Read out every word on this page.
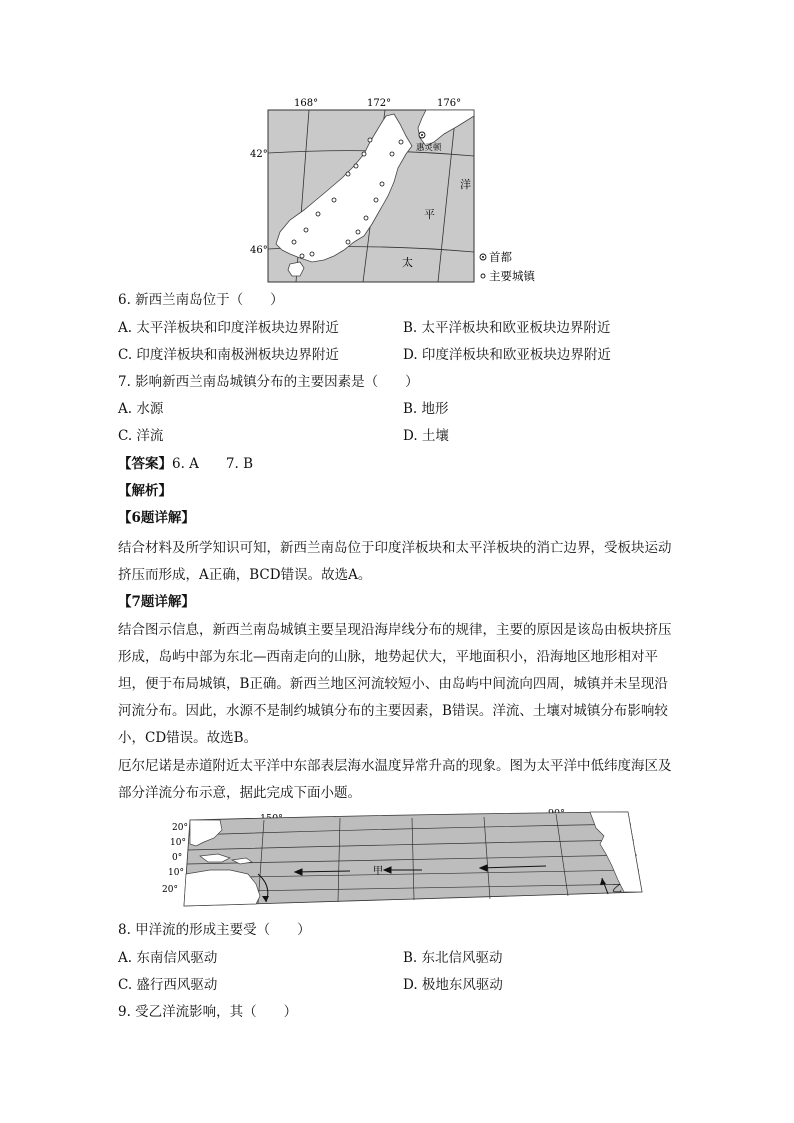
168°	172°	176°
42°
46°
惠灵顿
洋
平
太	首都
主要城镇
6. 新西兰南岛位于（　　）
A. 太平洋板块和印度洋板块边界附近	B. 太平洋板块和欧亚板块边界附近
C. 印度洋板块和南极洲板块边界附近	D. 印度洋板块和欧亚板块边界附近
7. 影响新西兰南岛城镇分布的主要因素是（　　）
A. 水源	B. 地形
C. 洋流	D. 土壤
【答案】6. A　　7. B
【解析】
【6题详解】
结合材料及所学知识可知，新西兰南岛位于印度洋板块和太平洋板块的消亡边界，受板块运动挤压而形成，A正确，BCD错误。故选A。
【7题详解】
结合图示信息，新西兰南岛城镇主要呈现沿海岸线分布的规律，主要的原因是该岛由板块挤压形成，岛屿中部为东北—西南走向的山脉，地势起伏大，平地面积小，沿海地区地形相对平坦，便于布局城镇，B正确。新西兰地区河流较短小、由岛屿中间流向四周，城镇并未呈现沿河流分布。因此，水源不是制约城镇分布的主要因素，B错误。洋流、土壤对城镇分布影响较小，CD错误。故选B。
厄尔尼诺是赤道附近太平洋中东部表层海水温度异常升高的现象。图为太平洋中低纬度海区及部分洋流分布示意，据此完成下面小题。
甲
乙
20°
10°
0°
10°
20°
8. 甲洋流的形成主要受（　　）
A. 东南信风驱动	B. 东北信风驱动
C. 盛行西风驱动	D. 极地东风驱动
9. 受乙洋流影响，其（　　）
